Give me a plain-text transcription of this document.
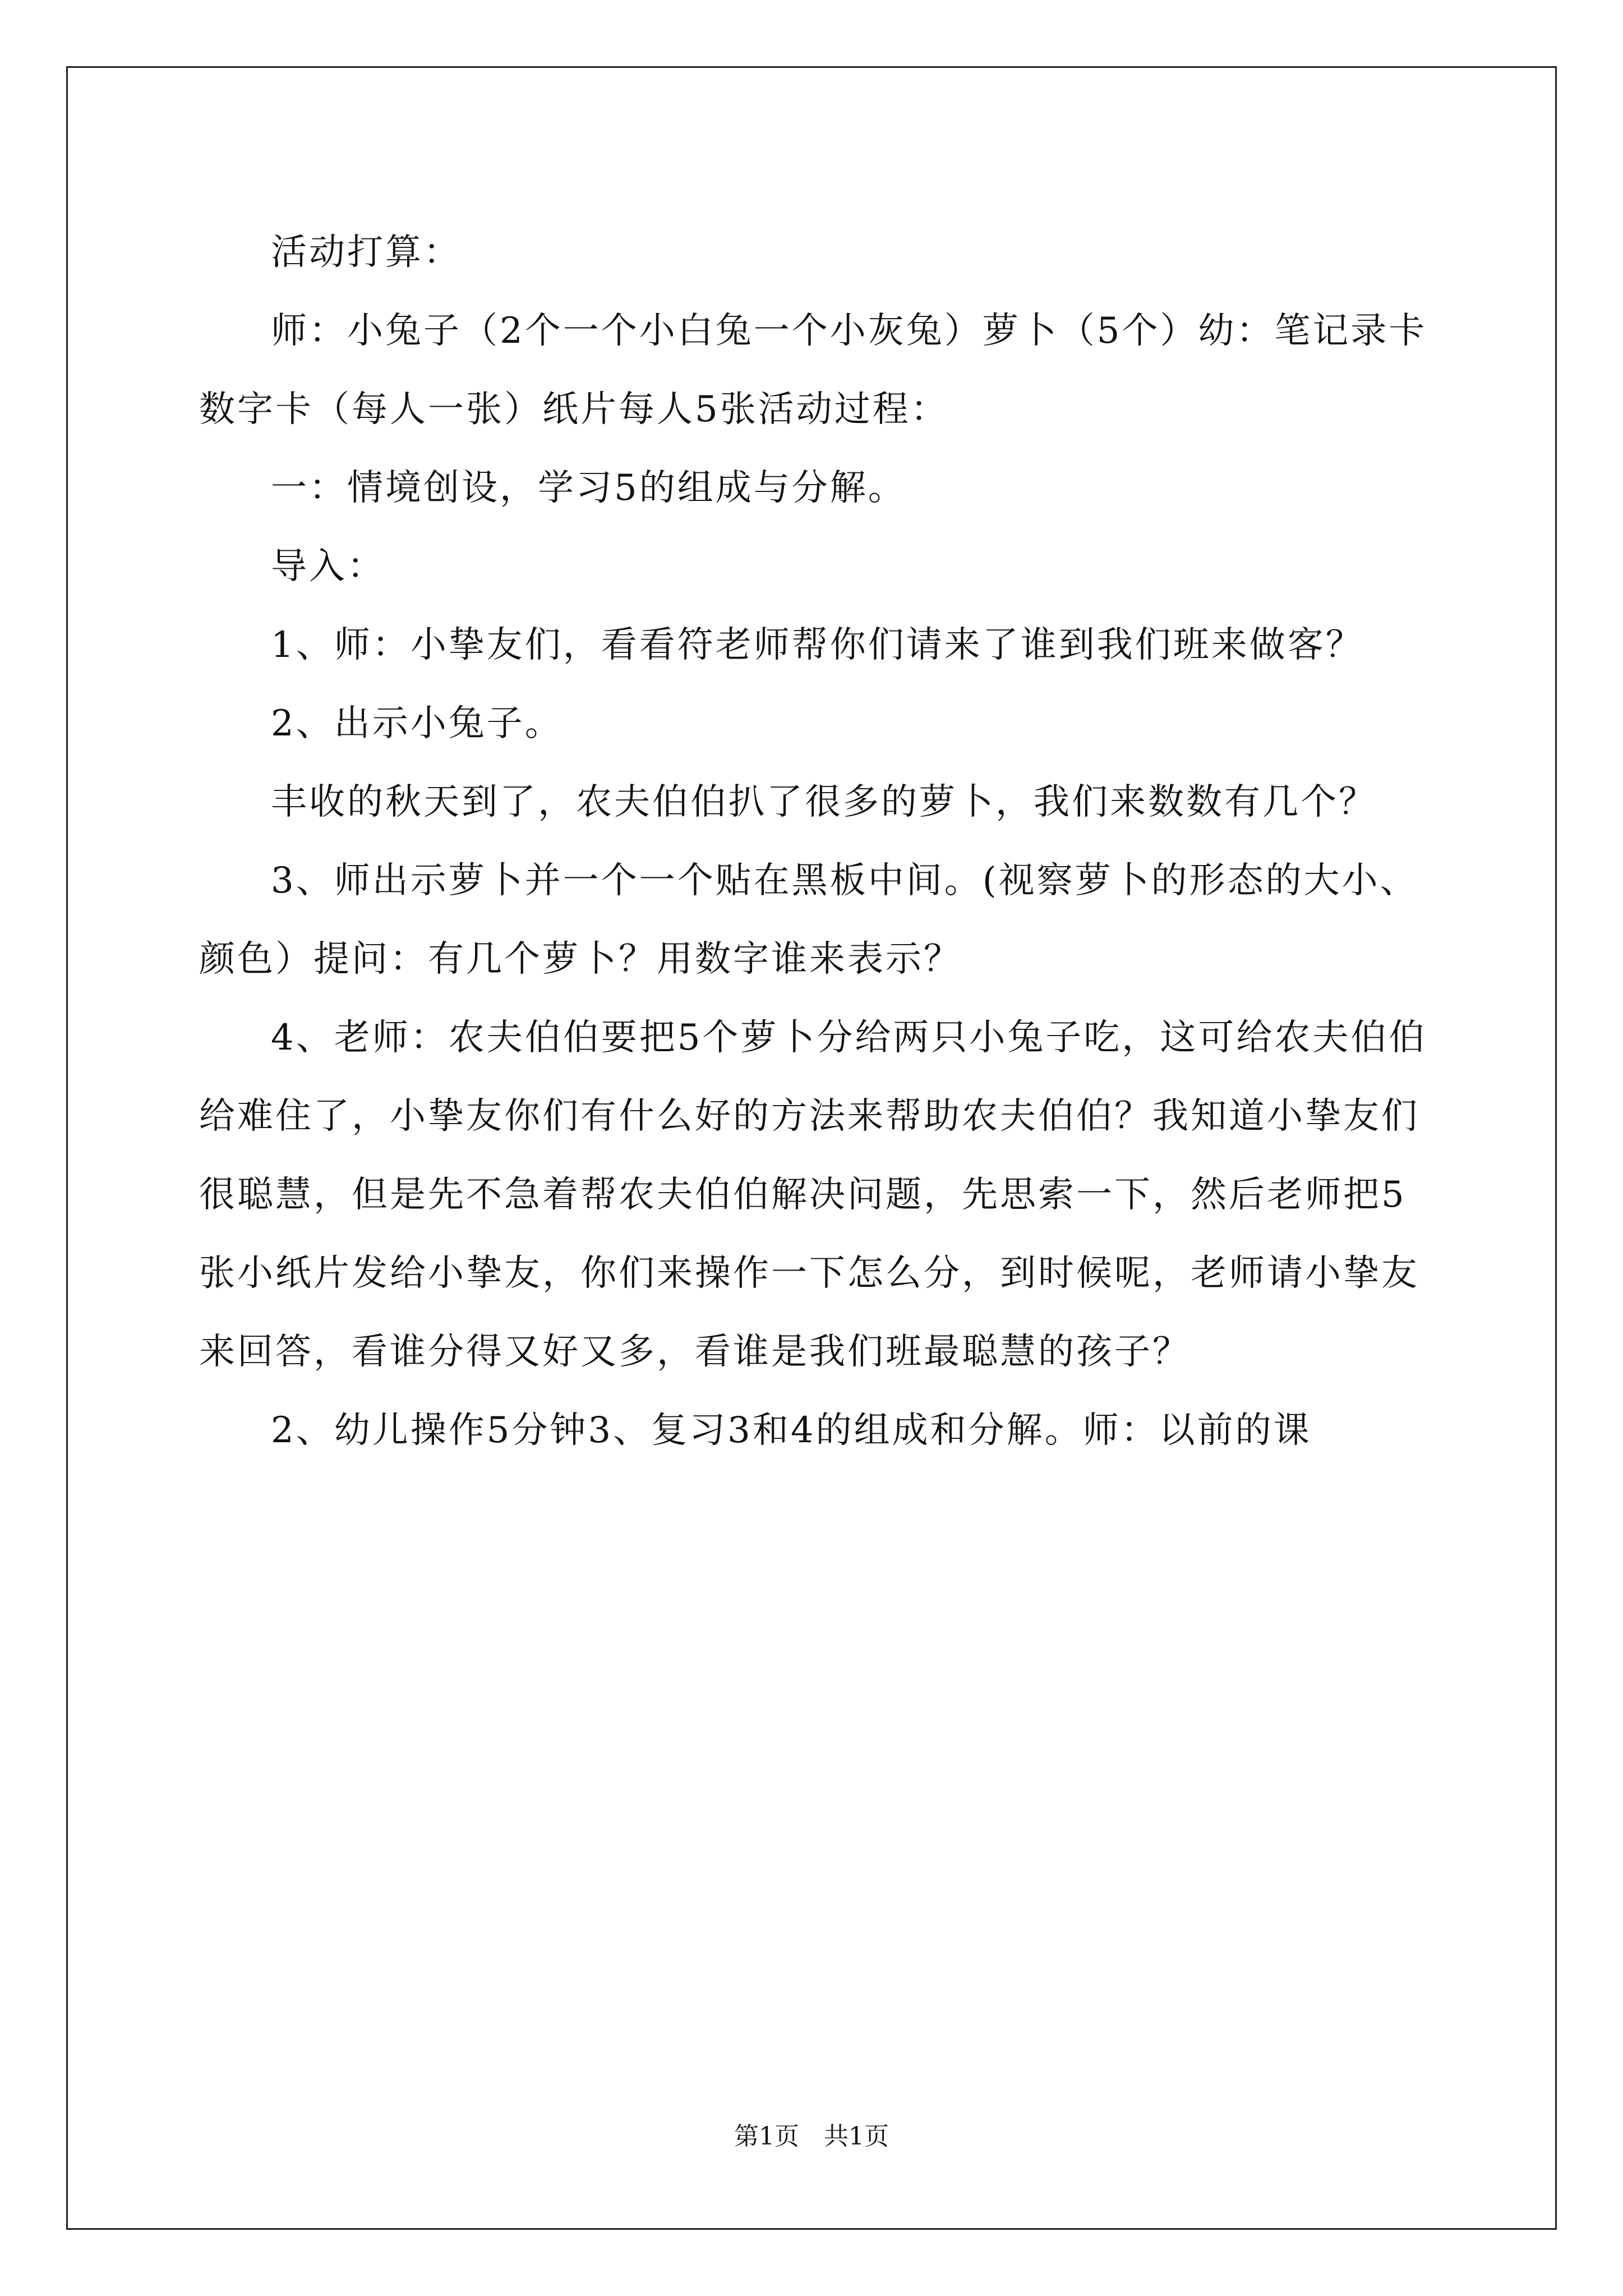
活动打算：

师：小兔子（2个一个小白兔一个小灰兔）萝卜（5个）幼：笔记录卡数字卡（每人一张）纸片每人5张活动过程：

一：情境创设，学习5的组成与分解。

导入：

1、师：小挚友们，看看符老师帮你们请来了谁到我们班来做客？

2、出示小兔子。

丰收的秋天到了，农夫伯伯扒了很多的萝卜，我们来数数有几个？

3、师出示萝卜并一个一个贴在黑板中间。(视察萝卜的形态的大小、颜色）提问：有几个萝卜？用数字谁来表示？

4、老师：农夫伯伯要把5个萝卜分给两只小兔子吃，这可给农夫伯伯给难住了，小挚友你们有什么好的方法来帮助农夫伯伯？我知道小挚友们很聪慧，但是先不急着帮农夫伯伯解决问题，先思索一下，然后老师把5张小纸片发给小挚友，你们来操作一下怎么分，到时候呢，老师请小挚友来回答，看谁分得又好又多，看谁是我们班最聪慧的孩子？

2、幼儿操作5分钟3、复习3和4的组成和分解。师：以前的课

第1页　共1页
